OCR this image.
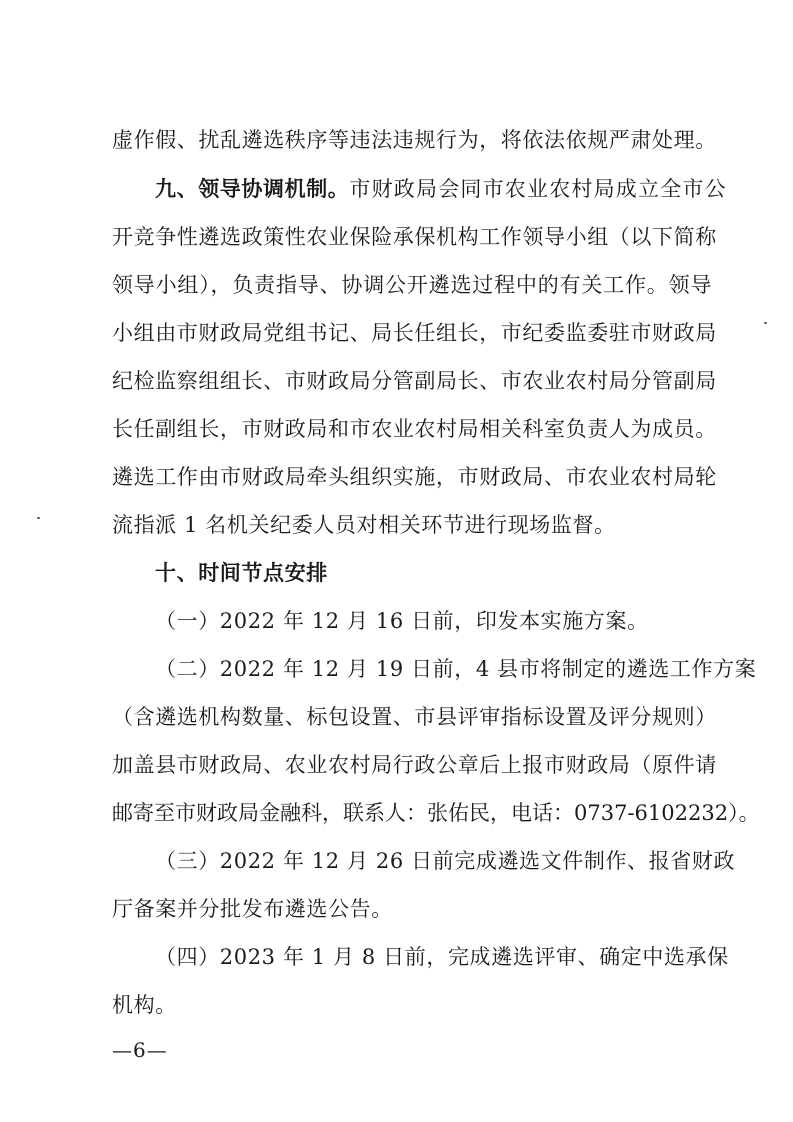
虚作假、扰乱遴选秩序等违法违规行为，将依法依规严肃处理。
九、领导协调机制。 市财政局会同市农业农村局成立全市公
开竞争性遴选政策性农业保险承保机构工作领导小组（以下简称
领导小组），负责指导、协调公开遴选过程中的有关工作。领导
小组由市财政局党组书记、局长任组长，市纪委监委驻市财政局
纪检监察组组长、市财政局分管副局长、市农业农村局分管副局
长任副组长，市财政局和市农业农村局相关科室负责人为成员。
遴选工作由市财政局牵头组织实施，市财政局、市农业农村局轮
流指派 1 名机关纪委人员对相关环节进行现场监督。
十、时间节点安排
（一）2022 年 12 月 16 日前，印发本实施方案。
（二）2022 年 12 月 19 日前，4 县市将制定的遴选工作方案
（含遴选机构数量、标包设置、市县评审指标设置及评分规则）
加盖县市财政局、农业农村局行政公章后上报市财政局（原件请
邮寄至市财政局金融科，联系人：张佑民，电话：0737-6102232）。
（三）2022 年 12 月 26 日前完成遴选文件制作、报省财政
厅备案并分批发布遴选公告。
（四）2023 年 1 月 8 日前，完成遴选评审、确定中选承保
机构。
—6—
